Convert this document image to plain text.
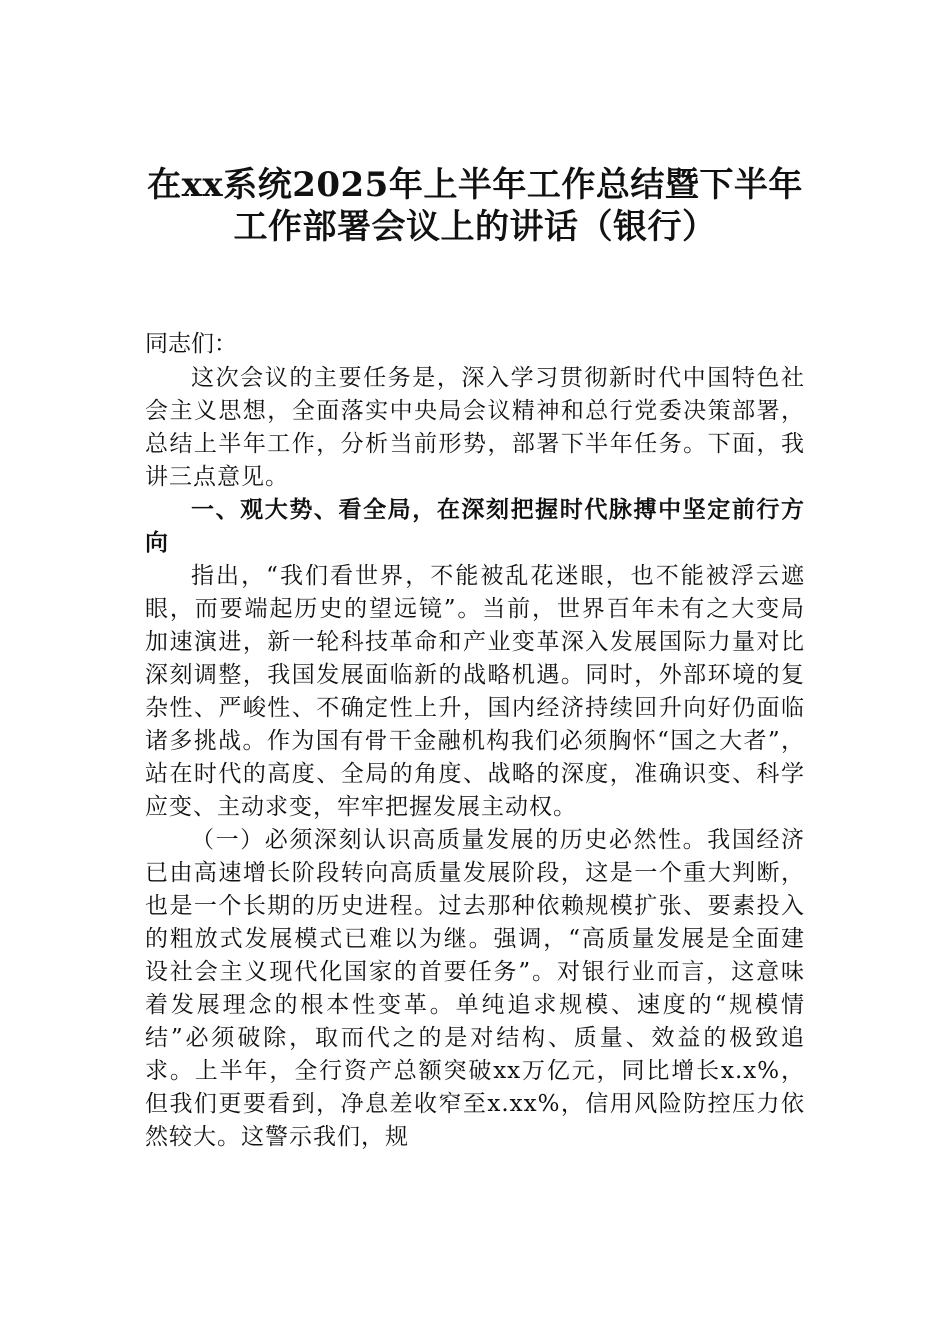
在xx系统2025年上半年工作总结暨下半年
工作部署会议上的讲话（银行）
同志们：

这次会议的主要任务是，深入学习贯彻新时代中国特色社会主义思想，全面落实中央局会议精神和总行党委决策部署，总结上半年工作，分析当前形势，部署下半年任务。下面，我讲三点意见。

一、观大势、看全局，在深刻把握时代脉搏中坚定前行方向

指出，“我们看世界，不能被乱花迷眼，也不能被浮云遮眼，而要端起历史的望远镜”。当前，世界百年未有之大变局加速演进，新一轮科技革命和产业变革深入发展国际力量对比深刻调整，我国发展面临新的战略机遇。同时，外部环境的复杂性、严峻性、不确定性上升，国内经济持续回升向好仍面临诸多挑战。作为国有骨干金融机构我们必须胸怀“国之大者”，站在时代的高度、全局的角度、战略的深度，准确识变、科学应变、主动求变，牢牢把握发展主动权。

（一）必须深刻认识高质量发展的历史必然性。我国经济已由高速增长阶段转向高质量发展阶段，这是一个重大判断，也是一个长期的历史进程。过去那种依赖规模扩张、要素投入的粗放式发展模式已难以为继。强调，“高质量发展是全面建设社会主义现代化国家的首要任务”。对银行业而言，这意味着发展理念的根本性变革。单纯追求规模、速度的“规模情结”必须破除，取而代之的是对结构、质量、效益的极致追求。上半年，全行资产总额突破xx万亿元，同比增长x.x%，但我们更要看到，净息差收窄至x.xx%，信用风险防控压力依然较大。这警示我们，规
